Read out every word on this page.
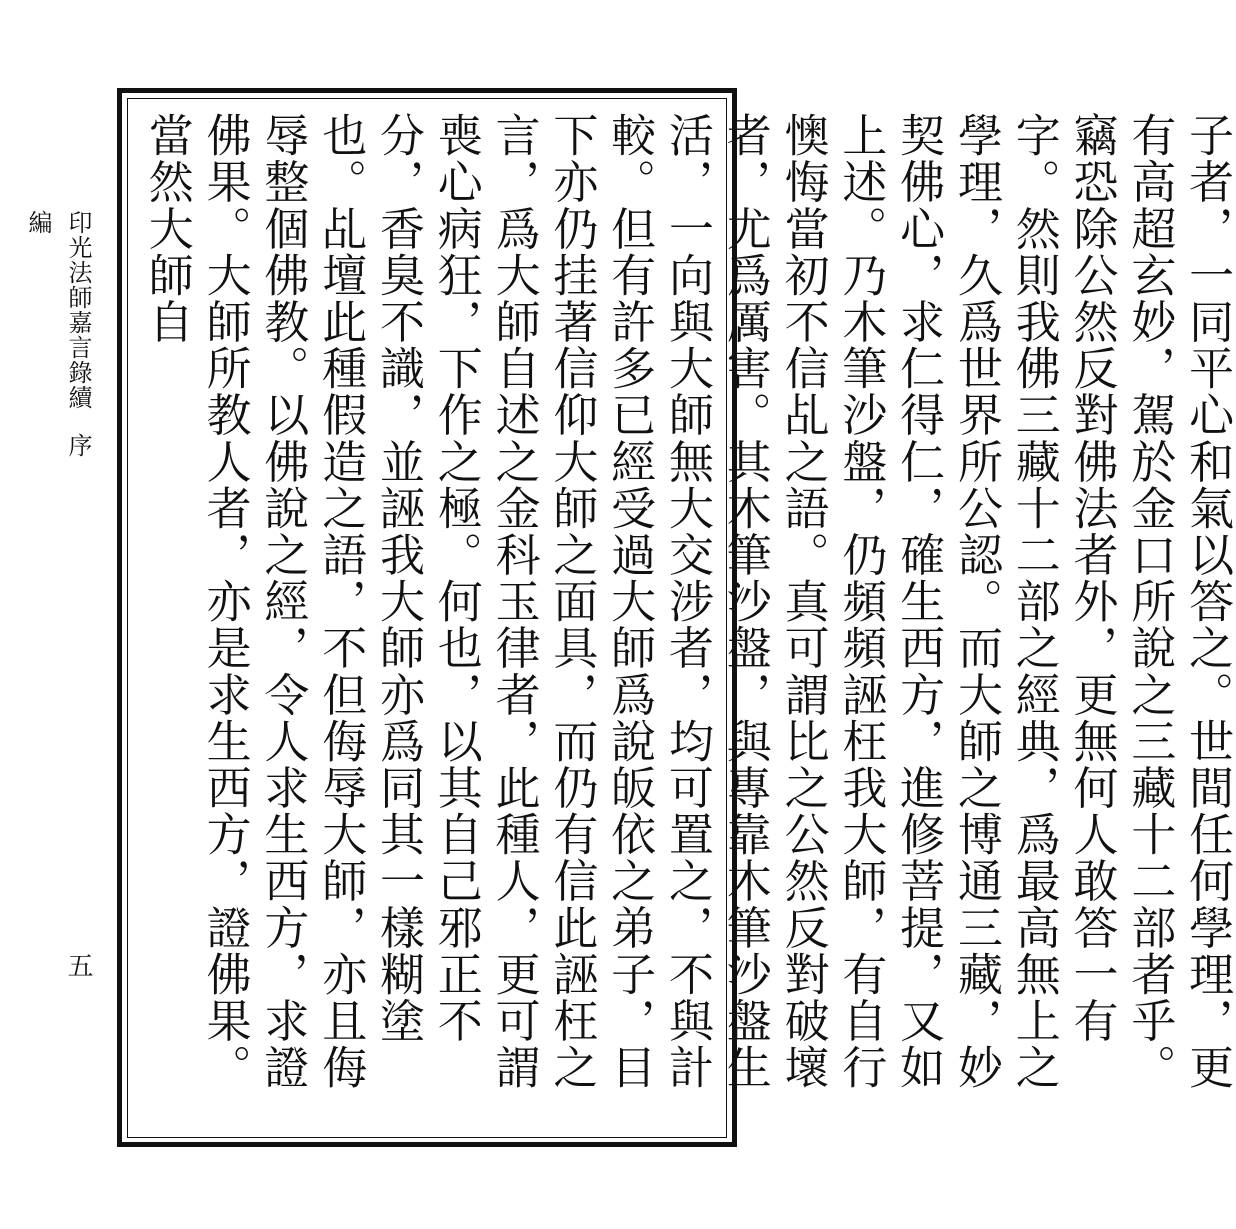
印光法師嘉言錄續編
序
五	子者，一同平心和氣以答之。世間任何學理，更有高超玄妙，駕於金口所說之三藏十二部者乎。竊恐除公然反對佛法者外，更無何人敢答一有字。然則我佛三藏十二部之經典，爲最高無上之學理，久爲世界所公認。而大師之博通三藏，妙契佛心，求仁得仁，確生西方，進修菩提，又如上述。乃木筆沙盤，仍頻頻誣枉我大師，有自行懊悔當初不信乩之語。真可謂比之公然反對破壞者，尤爲厲害。其木筆沙盤，與專靠木筆沙盤生活，一向與大師無大交涉者，均可置之，不與計較。但有許多已經受過大師爲說皈依之弟子，目下亦仍挂著信仰大師之面具，而仍有信此誣枉之言，爲大師自述之金科玉律者，此種人，更可謂喪心病狂，下作之極。何也，以其自己邪正不分，香臭不識，並誣我大師亦爲同其一樣糊塗也。乩壇此種假造之語，不但侮辱大師，亦且侮辱整個佛教。以佛說之經，令人求生西方，求證佛果。大師所教人者，亦是求生西方，證佛果。當然大師自
